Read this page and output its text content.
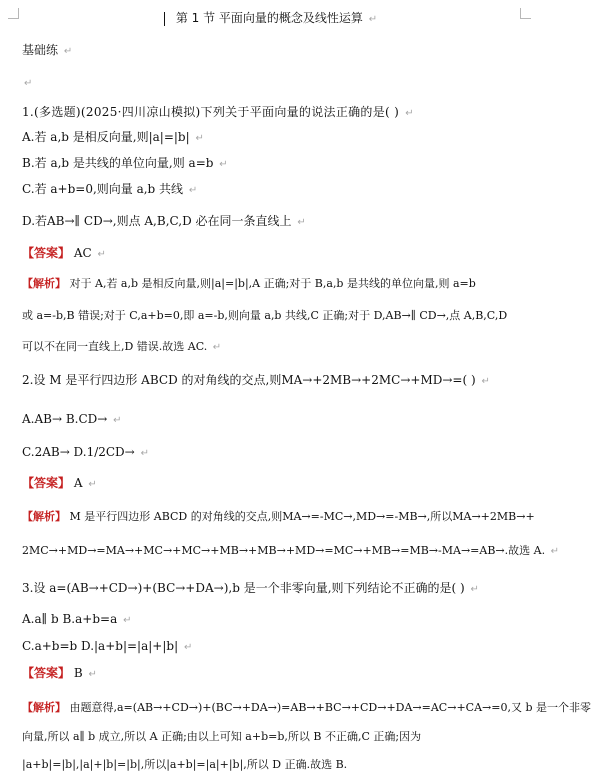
第 1 节 平面向量的概念及线性运算 ↵
基础练 ↵
↵
1.(多选题)(2025·四川凉山模拟)下列关于平面向量的说法正确的是( ) ↵
A.若 a,b 是相反向量,则|a|=|b| ↵
B.若 a,b 是共线的单位向量,则 a=b ↵
C.若 a+b=0,则向量 a,b 共线 ↵
D.若AB→∥ CD→,则点 A,B,C,D 必在同一条直线上 ↵
【答案】 AC ↵
【解析】 对于 A,若 a,b 是相反向量,则|a|=|b|,A 正确;对于 B,a,b 是共线的单位向量,则 a=b
或 a=-b,B 错误;对于 C,a+b=0,即 a=-b,则向量 a,b 共线,C 正确;对于 D,AB→∥ CD→,点 A,B,C,D
可以不在同一直线上,D 错误.故选 AC. ↵
2.设 M 是平行四边形 ABCD 的对角线的交点,则MA→+2MB→+2MC→+MD→=( ) ↵
A.AB→ B.CD→ ↵
C.2AB→ D.1/2CD→ ↵
【答案】 A ↵
【解析】 M 是平行四边形 ABCD 的对角线的交点,则MA→=-MC→,MD→=-MB→,所以MA→+2MB→+
2MC→+MD→=MA→+MC→+MC→+MB→+MB→+MD→=MC→+MB→=MB→-MA→=AB→.故选 A. ↵
3.设 a=(AB→+CD→)+(BC→+DA→),b 是一个非零向量,则下列结论不正确的是( ) ↵
A.a∥ b B.a+b=a ↵
C.a+b=b D.|a+b|=|a|+|b| ↵
【答案】 B ↵
【解析】 由题意得,a=(AB→+CD→)+(BC→+DA→)=AB→+BC→+CD→+DA→=AC→+CA→=0,又 b 是一个非零
向量,所以 a∥ b 成立,所以 A 正确;由以上可知 a+b=b,所以 B 不正确,C 正确;因为
|a+b|=|b|,|a|+|b|=|b|,所以|a+b|=|a|+|b|,所以 D 正确.故选 B.
